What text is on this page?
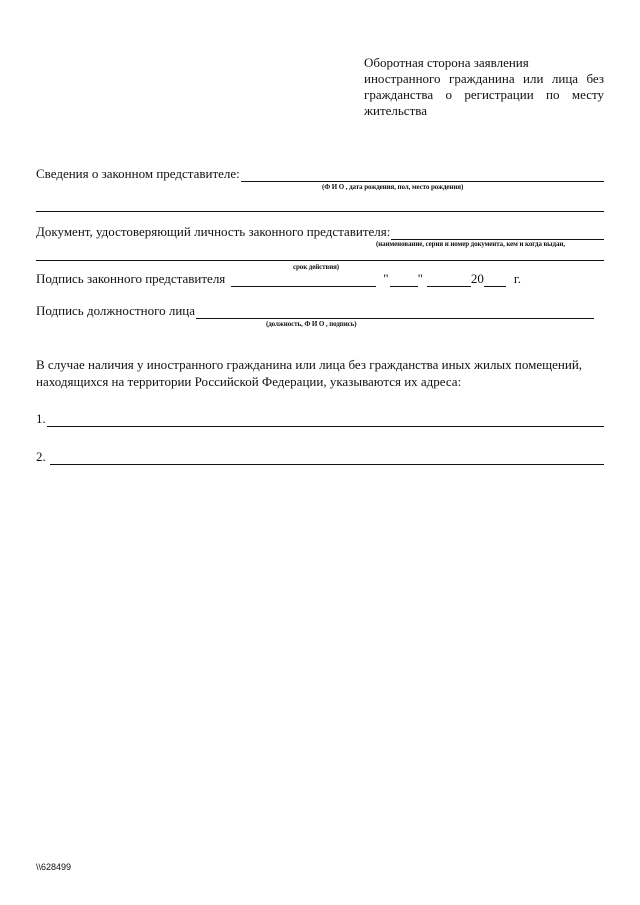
Оборотная сторона заявления
иностранного гражданина или лица без
гражданства о регистрации по месту
жительства
Сведения о законном представителе:
(Ф И О , дата рождения, пол, место рождения)
Документ, удостоверяющий личность законного представителя:
(наименование, серия и номер документа, кем и когда выдан,
срок действия)
Подпись законного представителя	" "	20 г.
Подпись должностного лица
(должность, Ф И О , подпись)
В случае наличия у иностранного гражданина или лица без гражданства иных жилых помещений,
находящихся на территории Российской Федерации, указываются их адреса:
1.
2.
\\628499
